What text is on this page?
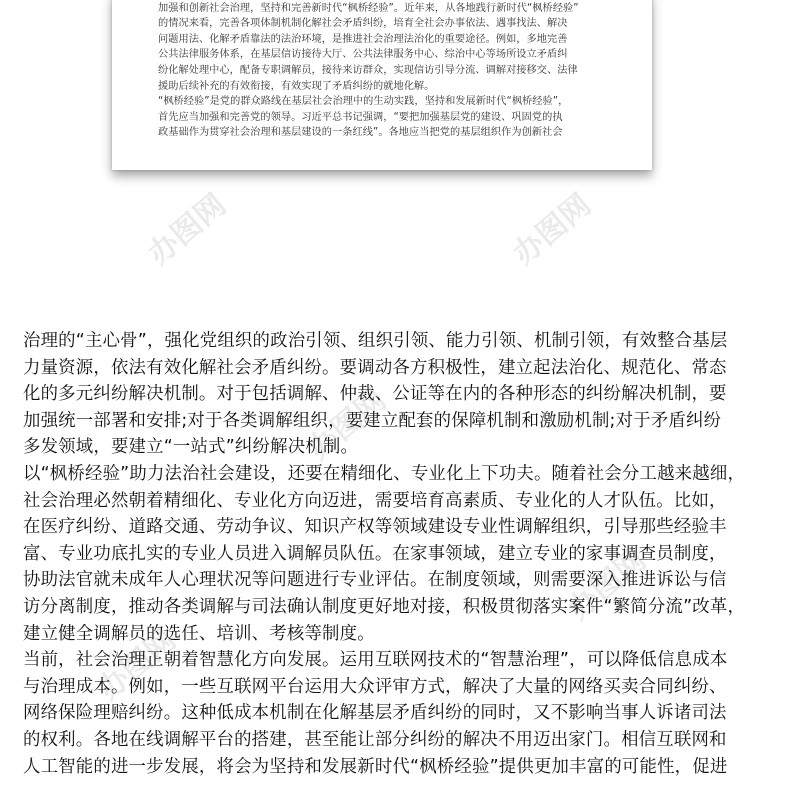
加强和创新社会治理，坚持和完善新时代“枫桥经验”。近年来，从各地践行新时代“枫桥经验”

的情况来看，完善各项体制机制化解社会矛盾纠纷，培育全社会办事依法、遇事找法、解决

问题用法、化解矛盾靠法的法治环境，是推进社会治理法治化的重要途径。例如，多地完善

公共法律服务体系，在基层信访接待大厅、公共法律服务中心、综治中心等场所设立矛盾纠

纷化解处理中心，配备专职调解员，接待来访群众，实现信访引导分流、调解对接移交、法律

援助后续补充的有效衔接，有效实现了矛盾纠纷的就地化解。

“枫桥经验”是党的群众路线在基层社会治理中的生动实践，坚持和发展新时代“枫桥经验”，

首先应当加强和完善党的领导。习近平总书记强调，“要把加强基层党的建设、巩固党的执

政基础作为贯穿社会治理和基层建设的一条红线”。各地应当把党的基层组织作为创新社会

办图网	办图网
办图网
办图网
办图网

治理的“主心骨”，强化党组织的政治引领、组织引领、能力引领、机制引领，有效整合基层

力量资源，依法有效化解社会矛盾纠纷。要调动各方积极性，建立起法治化、规范化、常态

化的多元纠纷解决机制。对于包括调解、仲裁、公证等在内的各种形态的纠纷解决机制，要

加强统一部署和安排;对于各类调解组织，要建立配套的保障机制和激励机制;对于矛盾纠纷

多发领域，要建立“一站式”纠纷解决机制。

以“枫桥经验”助力法治社会建设，还要在精细化、专业化上下功夫。随着社会分工越来越细，

社会治理必然朝着精细化、专业化方向迈进，需要培育高素质、专业化的人才队伍。比如，

在医疗纠纷、道路交通、劳动争议、知识产权等领域建设专业性调解组织，引导那些经验丰

富、专业功底扎实的专业人员进入调解员队伍。在家事领域，建立专业的家事调查员制度，

协助法官就未成年人心理状况等问题进行专业评估。在制度领域，则需要深入推进诉讼与信

访分离制度，推动各类调解与司法确认制度更好地对接，积极贯彻落实案件“繁简分流”改革，

建立健全调解员的选任、培训、考核等制度。

当前，社会治理正朝着智慧化方向发展。运用互联网技术的“智慧治理”，可以降低信息成本

与治理成本。例如，一些互联网平台运用大众评审方式，解决了大量的网络买卖合同纠纷、

网络保险理赔纠纷。这种低成本机制在化解基层矛盾纠纷的同时，又不影响当事人诉诸司法

的权利。各地在线调解平台的搭建，甚至能让部分纠纷的解决不用迈出家门。相信互联网和

人工智能的进一步发展，将会为坚持和发展新时代“枫桥经验”提供更加丰富的可能性，促进
